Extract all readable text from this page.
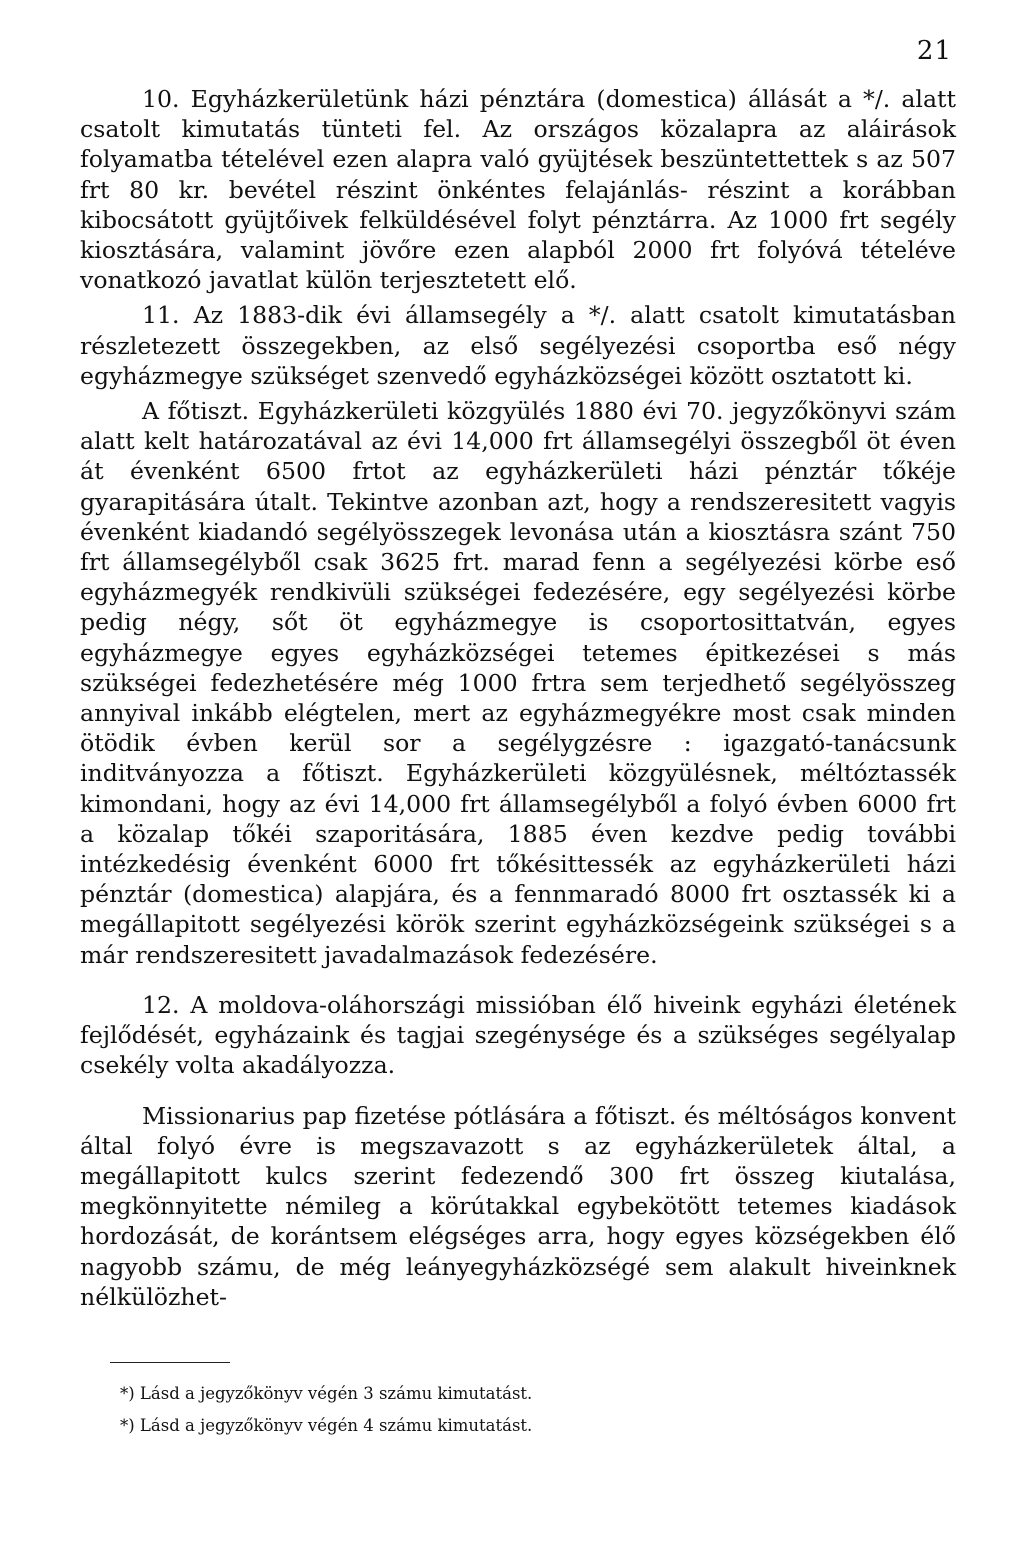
21

10. Egyházkerületünk házi pénztára (domestica) állását a */. alatt csatolt kimutatás tünteti fel. Az országos közalapra az aláirások folyamatba tételével ezen alapra való gyüjtések beszüntettettek s az 507 frt 80 kr. bevétel részint önkéntes felajánlás- részint a korábban kibocsátott gyüjtőivek felküldésével folyt pénztárra. Az 1000 frt segély kiosztására, valamint jövőre ezen alapból 2000 frt folyóvá tételéve vonatkozó javatlat külön terjesztetett elő.

11. Az 1883-dik évi államsegély a */. alatt csatolt kimutatásban részletezett összegekben, az első segélyezési csoportba eső négy egyházmegye szükséget szenvedő egyházközségei között osztatott ki.

A főtiszt. Egyházkerületi közgyülés 1880 évi 70. jegyzőkönyvi szám alatt kelt határozatával az évi 14,000 frt államsegélyi összegből öt éven át évenként 6500 frtot az egyházkerületi házi pénztár tőkéje gyarapitására útalt. Tekintve azonban azt, hogy a rendszeresitett vagyis évenként kiadandó segélyösszegek levonása után a kiosztásra szánt 750 frt államsegélyből csak 3625 frt. marad fenn a segélyezési körbe eső egyházmegyék rendkivüli szükségei fedezésére, egy segélyezési körbe pedig négy, sőt öt egyházmegye is csoportosittatván, egyes egyházmegye egyes egyházközségei tetemes épitkezései s más szükségei fedezhetésére még 1000 frtra sem terjedhető segélyösszeg annyival inkább elégtelen, mert az egyházmegyékre most csak minden ötödik évben kerül sor a segélygzésre : igazgató-tanácsunk inditványozza a főtiszt. Egyházkerületi közgyülésnek, méltóztassék kimondani, hogy az évi 14,000 frt államsegélyből a folyó évben 6000 frt a közalap tőkéi szaporitására, 1885 éven kezdve pedig további intézkedésig évenként 6000 frt tőkésittessék az egyházkerületi házi pénztár (domestica) alapjára, és a fennmaradó 8000 frt osztassék ki a megállapitott segélyezési körök szerint egyházközségeink szükségei s a már rendszeresitett javadalmazások fedezésére.

12. A moldova-oláhországi missióban élő hiveink egyházi életének fejlődését, egyházaink és tagjai szegénysége és a szükséges segélyalap csekély volta akadályozza.

Missionarius pap fizetése pótlására a főtiszt. és méltóságos konvent által folyó évre is megszavazott s az egyházkerületek által, a megállapitott kulcs szerint fedezendő 300 frt összeg kiutalása, megkönnyitette némileg a körútakkal egybekötött tetemes kiadások hordozását, de korántsem elégséges arra, hogy egyes községekben élő nagyobb számu, de még leányegyházközségé sem alakult hiveinknek nélkülözhet-

*) Lásd a jegyzőkönyv végén 3 számu kimutatást.

*) Lásd a jegyzőkönyv végén 4 számu kimutatást.
